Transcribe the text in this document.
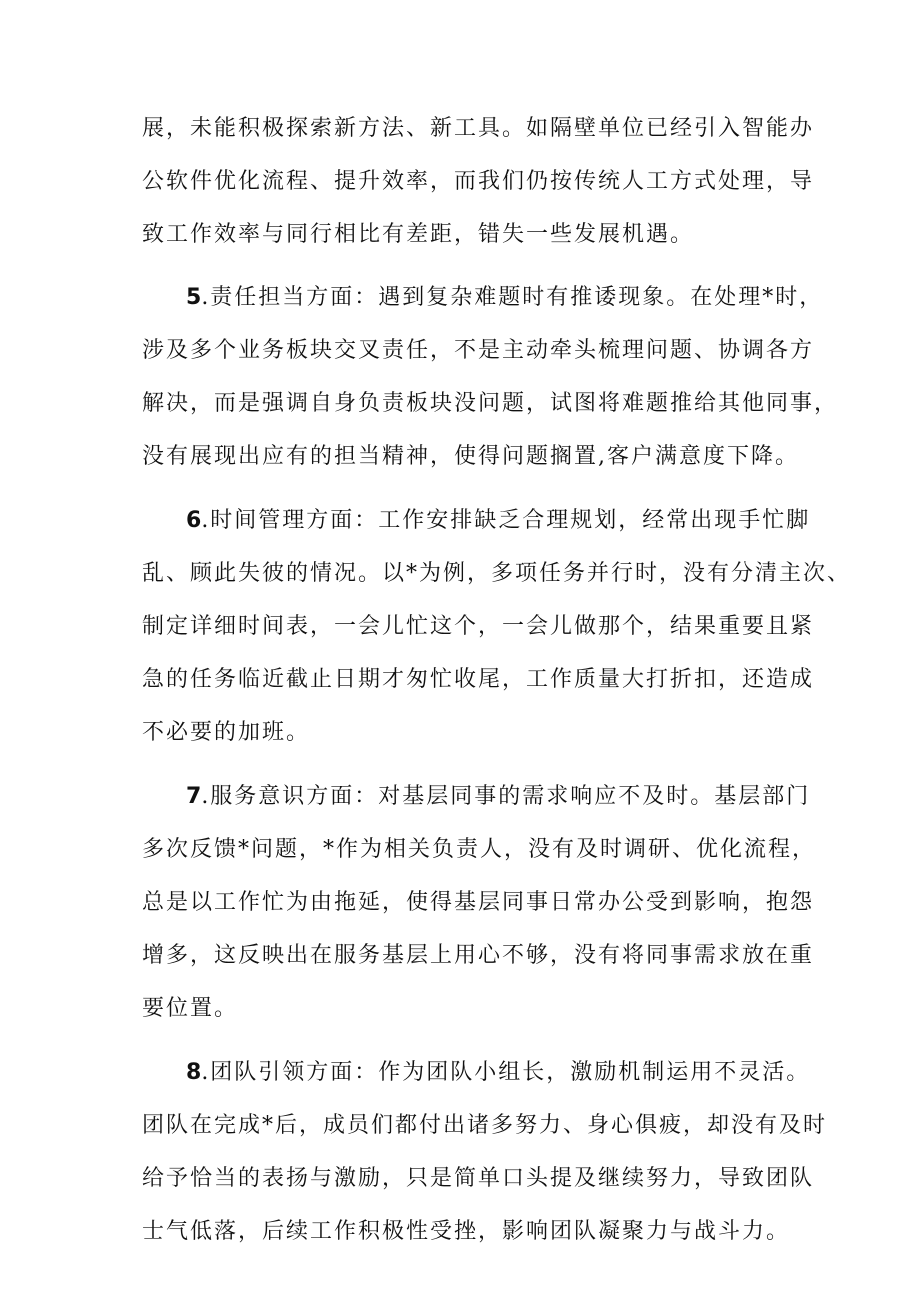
展，未能积极探索新方法、新工具。如隔壁单位已经引入智能办
公软件优化流程、提升效率，而我们仍按传统人工方式处理，导
致工作效率与同行相比有差距，错失一些发展机遇。
5.责任担当方面：遇到复杂难题时有推诿现象。在处理*时，
涉及多个业务板块交叉责任，不是主动牵头梳理问题、协调各方
解决，而是强调自身负责板块没问题，试图将难题推给其他同事，
没有展现出应有的担当精神，使得问题搁置,客户满意度下降。
6.时间管理方面：工作安排缺乏合理规划，经常出现手忙脚
乱、顾此失彼的情况。以*为例，多项任务并行时，没有分清主次、
制定详细时间表，一会儿忙这个，一会儿做那个，结果重要且紧
急的任务临近截止日期才匆忙收尾，工作质量大打折扣，还造成
不必要的加班。
7.服务意识方面：对基层同事的需求响应不及时。基层部门
多次反馈*问题，*作为相关负责人，没有及时调研、优化流程，
总是以工作忙为由拖延，使得基层同事日常办公受到影响，抱怨
增多，这反映出在服务基层上用心不够，没有将同事需求放在重
要位置。
8.团队引领方面：作为团队小组长，激励机制运用不灵活。
团队在完成*后，成员们都付出诸多努力、身心俱疲，却没有及时
给予恰当的表扬与激励，只是简单口头提及继续努力，导致团队
士气低落，后续工作积极性受挫，影响团队凝聚力与战斗力。
